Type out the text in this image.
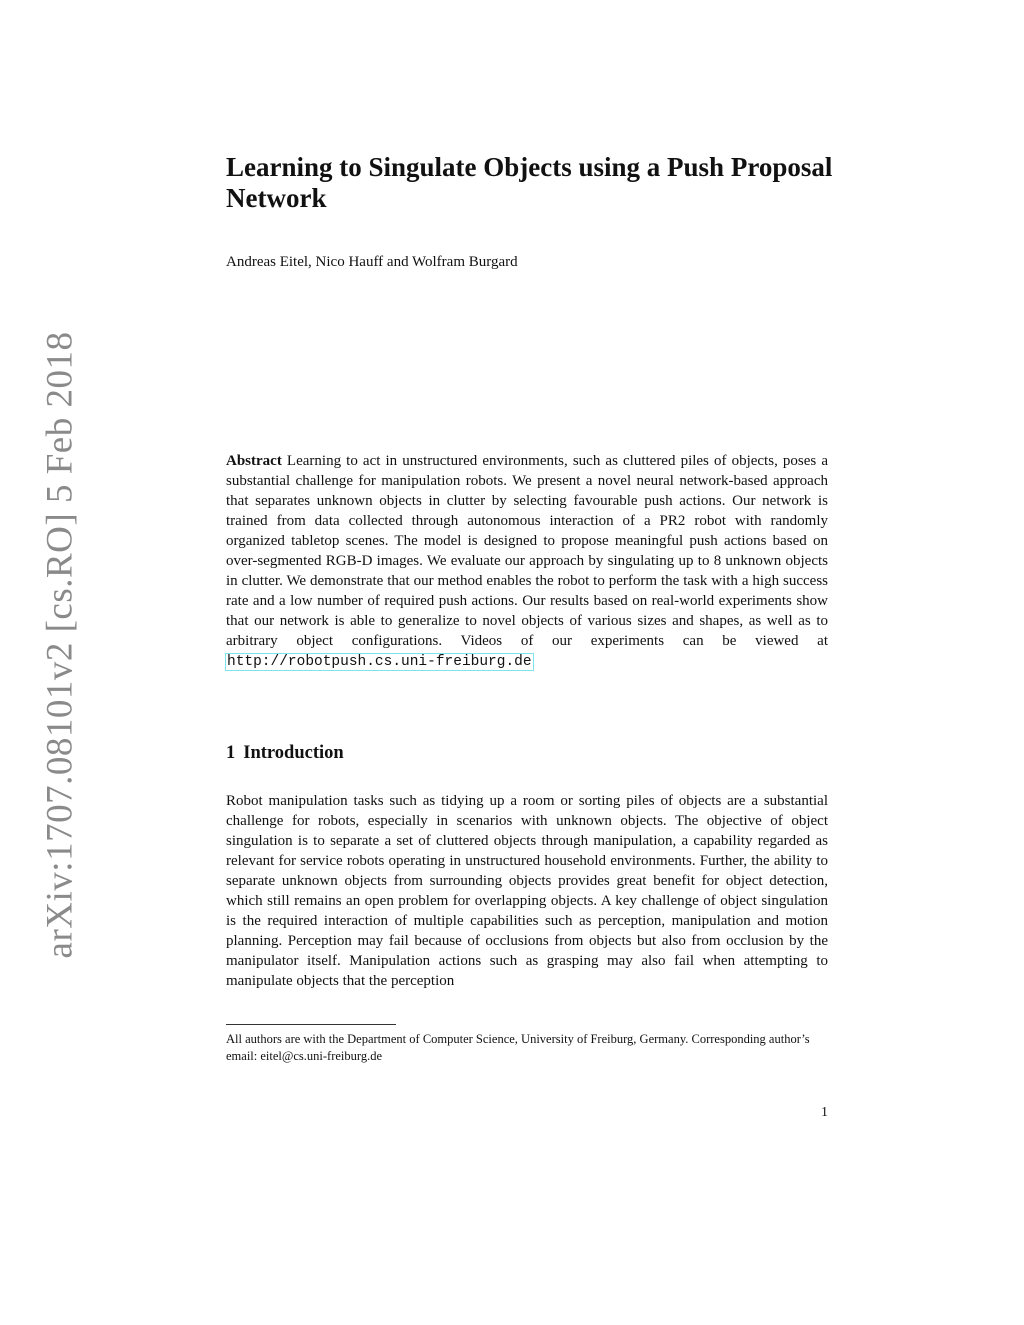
arXiv:1707.08101v2 [cs.RO] 5 Feb 2018
Learning to Singulate Objects using a Push Proposal Network

Andreas Eitel, Nico Hauff and Wolfram Burgard

Abstract Learning to act in unstructured environments, such as cluttered piles of objects, poses a substantial challenge for manipulation robots. We present a novel neural network-based approach that separates unknown objects in clutter by selecting favourable push actions. Our network is trained from data collected through autonomous interaction of a PR2 robot with randomly organized tabletop scenes. The model is designed to propose meaningful push actions based on over-segmented RGB-D images. We evaluate our approach by singulating up to 8 unknown objects in clutter. We demonstrate that our method enables the robot to perform the task with a high success rate and a low number of required push actions. Our results based on real-world experiments show that our network is able to generalize to novel objects of various sizes and shapes, as well as to arbitrary object configurations. Videos of our experiments can be viewed at http://robotpush.cs.uni-freiburg.de

1 Introduction

Robot manipulation tasks such as tidying up a room or sorting piles of objects are a substantial challenge for robots, especially in scenarios with unknown objects. The objective of object singulation is to separate a set of cluttered objects through manipulation, a capability regarded as relevant for service robots operating in unstructured household environments. Further, the ability to separate unknown objects from surrounding objects provides great benefit for object detection, which still remains an open problem for overlapping objects. A key challenge of object singulation is the required interaction of multiple capabilities such as perception, manipulation and motion planning. Perception may fail because of occlusions from objects but also from occlusion by the manipulator itself. Manipulation actions such as grasping may also fail when attempting to manipulate objects that the perception

All authors are with the Department of Computer Science, University of Freiburg, Germany. Corresponding author’s email: eitel@cs.uni-freiburg.de

1
